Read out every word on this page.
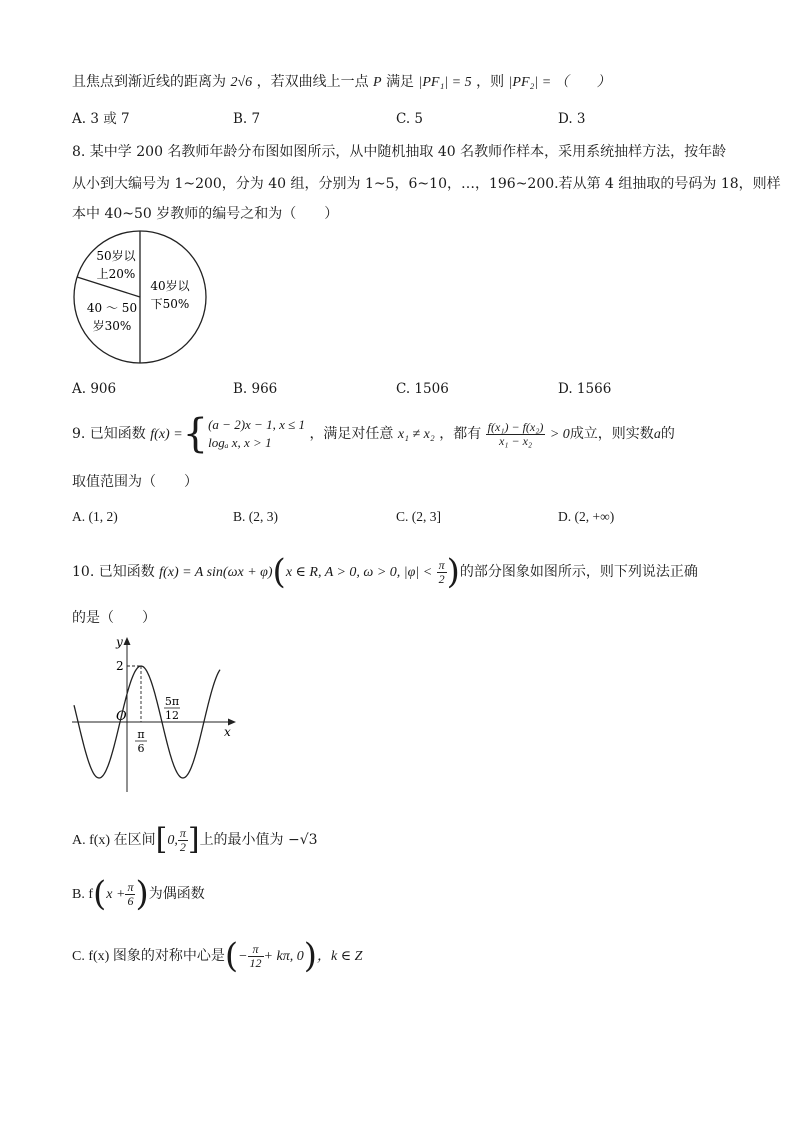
且焦点到渐近线的距离为 2√6 ，若双曲线上一点 P 满足 |PF₁| = 5 ，则 |PF₂| = （　　）
A. 3 或 7	B. 7	C. 5	D. 3
8. 某中学 200 名教师年龄分布图如图所示，从中随机抽取 40 名教师作样本，采用系统抽样方法，按年龄
从小到大编号为 1~200，分为 40 组，分别为 1~5，6~10，…，196~200.若从第 4 组抽取的号码为 18，则样
本中 40~50 岁教师的编号之和为（　　）
40岁以
下50%
50岁以
上20%
40 ～ 50
岁30%
A. 906	B. 966	C. 1506	D. 1566
9. 已知函数 f(x) ={ (a − 2)x − 1, x ≤ 1
logₐ x, x > 1
，满足对任意 x₁ ≠ x₂ ，都有 $\frac{\text{f(x₁) − f(x₂)}}{\text{x₁ − x₂}} > 0$成立，则实数a的
取值范围为（　　）
A. (1, 2)	B. (2, 3)	C. (2, 3]	D. (2, +∞)
10. 已知函数 f(x) = A sin(ωx + φ)(x ∈ R, A > 0, ω > 0, $|\varphi| < \frac{\pi}{2}$ )的部分图象如图所示，则下列说法正确
的是（　　）
y
x
O
2
π
6
5π
12
A. f(x) 在区间[0, $\frac{\pi}{2}$ ]上的最小值为 −√3
B. $f(x + \frac{\pi}{6}$ )为偶函数
C. f(x) 图象的对称中心是(− $\frac{\pi}{12} + k\pi$, 0)，k ∈ Z
